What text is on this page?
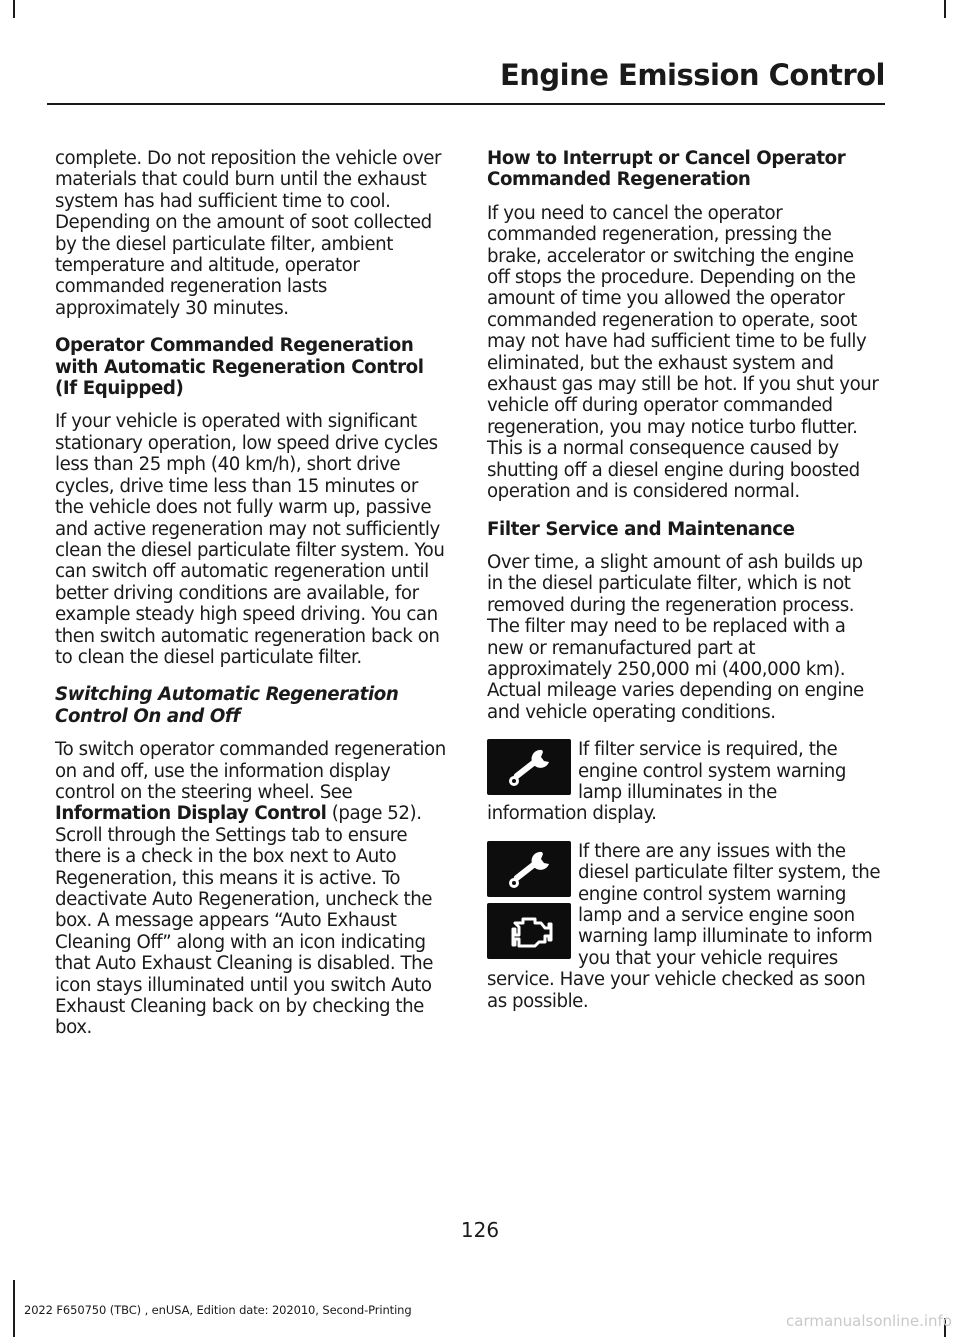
Engine Emission Control

complete. Do not reposition the vehicle over materials that could burn until the exhaust system has had sufficient time to cool. Depending on the amount of soot collected by the diesel particulate filter, ambient temperature and altitude, operator commanded regeneration lasts approximately 30 minutes.

Operator Commanded Regeneration with Automatic Regeneration Control (If Equipped)

If your vehicle is operated with significant stationary operation, low speed drive cycles less than 25 mph (40 km/h), short drive cycles, drive time less than 15 minutes or the vehicle does not fully warm up, passive and active regeneration may not sufficiently clean the diesel particulate filter system. You can switch off automatic regeneration until better driving conditions are available, for example steady high speed driving. You can then switch automatic regeneration back on to clean the diesel particulate filter.

Switching Automatic Regeneration Control On and Off

To switch operator commanded regeneration on and off, use the information display control on the steering wheel. See Information Display Control (page 52). Scroll through the Settings tab to ensure there is a check in the box next to Auto Regeneration, this means it is active. To deactivate Auto Regeneration, uncheck the box. A message appears “Auto Exhaust Cleaning Off” along with an icon indicating that Auto Exhaust Cleaning is disabled. The icon stays illuminated until you switch Auto Exhaust Cleaning back on by checking the box.

How to Interrupt or Cancel Operator Commanded Regeneration

If you need to cancel the operator commanded regeneration, pressing the brake, accelerator or switching the engine off stops the procedure. Depending on the amount of time you allowed the operator commanded regeneration to operate, soot may not have had sufficient time to be fully eliminated, but the exhaust system and exhaust gas may still be hot. If you shut your vehicle off during operator commanded regeneration, you may notice turbo flutter. This is a normal consequence caused by shutting off a diesel engine during boosted operation and is considered normal.

Filter Service and Maintenance

Over time, a slight amount of ash builds up in the diesel particulate filter, which is not removed during the regeneration process. The filter may need to be replaced with a new or remanufactured part at approximately 250,000 mi (400,000 km). Actual mileage varies depending on engine and vehicle operating conditions.

If filter service is required, the engine control system warning lamp illuminates in the information display.

If there are any issues with the diesel particulate filter system, the engine control system warning lamp and a service engine soon warning lamp illuminate to inform you that your vehicle requires service. Have your vehicle checked as soon as possible.

126
2022 F650750 (TBC) , enUSA, Edition date: 202010, Second-Printing
carmanualsonline.info
